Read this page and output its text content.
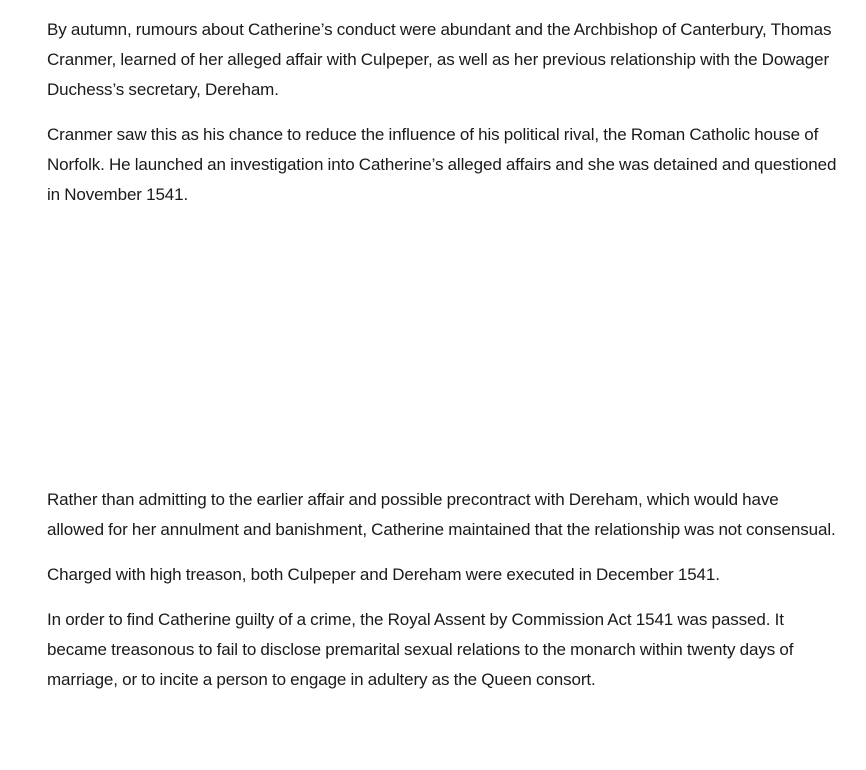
By autumn, rumours about Catherine’s conduct were abundant and the Archbishop of Canterbury, Thomas Cranmer, learned of her alleged affair with Culpeper, as well as her previous relationship with the Dowager Duchess’s secretary, Dereham.

Cranmer saw this as his chance to reduce the influence of his political rival, the Roman Catholic house of Norfolk. He launched an investigation into Catherine’s alleged affairs and she was detained and questioned in November 1541.

Rather than admitting to the earlier affair and possible precontract with Dereham, which would have allowed for her annulment and banishment, Catherine maintained that the relationship was not consensual.

Charged with high treason, both Culpeper and Dereham were executed in December 1541.

In order to find Catherine guilty of a crime, the Royal Assent by Commission Act 1541 was passed. It became treasonous to fail to disclose premarital sexual relations to the monarch within twenty days of marriage, or to incite a person to engage in adultery as the Queen consort.
